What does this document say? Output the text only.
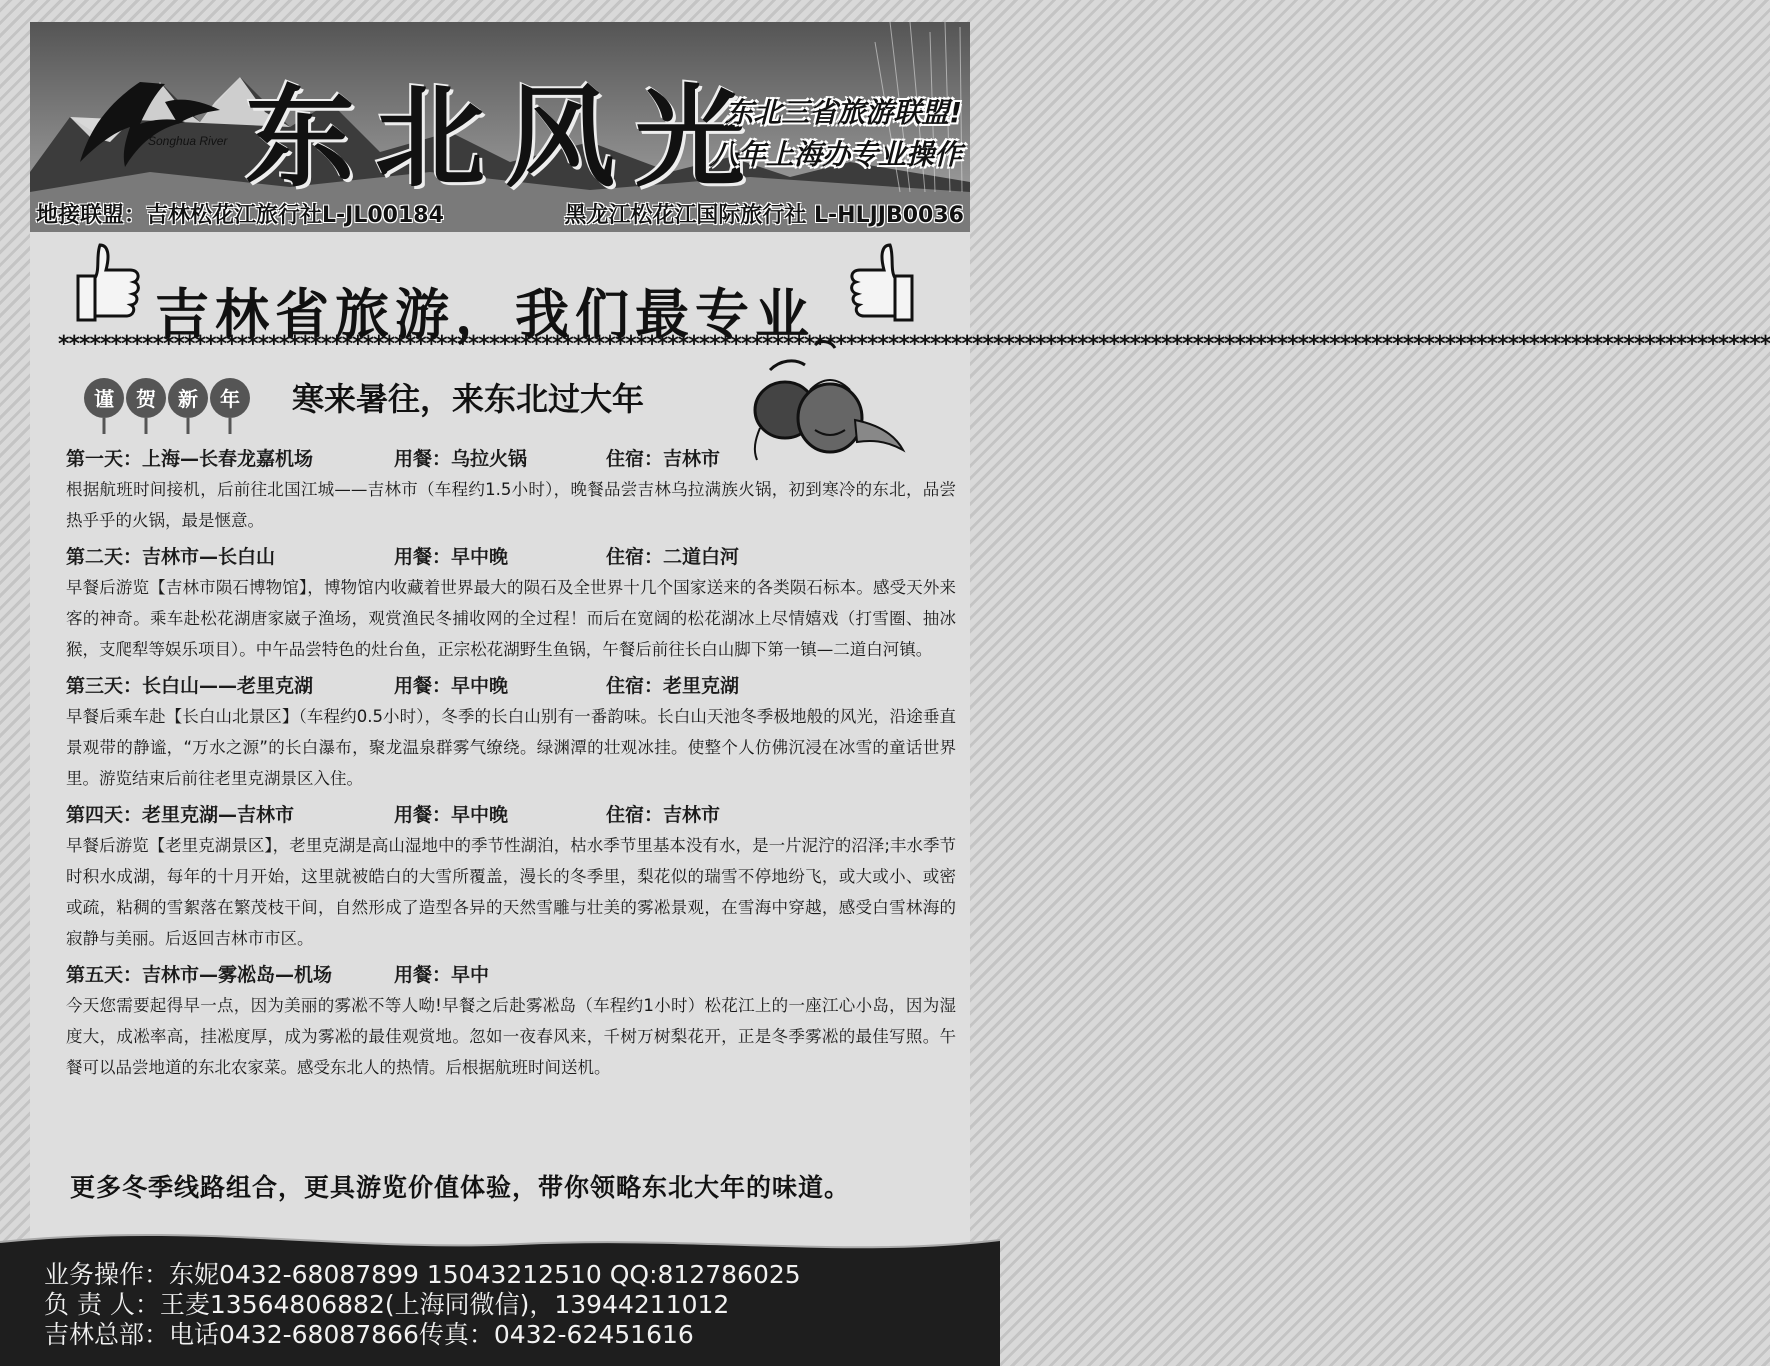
Songhua River 东北风光
东北三省旅游联盟!
八年上海办专业操作
地接联盟：吉林松花江旅行社L-JL00184	黑龙江松花江国际旅行社 L-HLJJB0036
吉林省旅游，我们最专业
*******************************************************************************************************************************************************************
谨 贺 新 年 寒来暑往，来东北过大年
第一天：上海—长春龙嘉机场	用餐：乌拉火锅	住宿：吉林市

根据航班时间接机，后前往北国江城——吉林市（车程约1.5小时），晚餐品尝吉林乌拉满族火锅，初到寒冷的东北，品尝热乎乎的火锅，最是惬意。

第二天：吉林市—长白山	用餐：早中晚	住宿：二道白河

早餐后游览【吉林市陨石博物馆】，博物馆内收藏着世界最大的陨石及全世界十几个国家送来的各类陨石标本。感受天外来客的神奇。乘车赴松花湖唐家崴子渔场，观赏渔民冬捕收网的全过程！而后在宽阔的松花湖冰上尽情嬉戏（打雪圈、抽冰猴，支爬犁等娱乐项目）。中午品尝特色的灶台鱼，正宗松花湖野生鱼锅，午餐后前往长白山脚下第一镇—二道白河镇。

第三天：长白山——老里克湖	用餐：早中晚	住宿：老里克湖

早餐后乘车赴【长白山北景区】（车程约0.5小时），冬季的长白山别有一番韵味。长白山天池冬季极地般的风光，沿途垂直景观带的静谧，“万水之源”的长白瀑布，聚龙温泉群雾气缭绕。绿渊潭的壮观冰挂。使整个人仿佛沉浸在冰雪的童话世界里。游览结束后前往老里克湖景区入住。

第四天：老里克湖—吉林市	用餐：早中晚	住宿：吉林市

早餐后游览【老里克湖景区】，老里克湖是高山湿地中的季节性湖泊，枯水季节里基本没有水，是一片泥泞的沼泽;丰水季节时积水成湖，每年的十月开始，这里就被皓白的大雪所覆盖，漫长的冬季里，梨花似的瑞雪不停地纷飞，或大或小、或密或疏，粘稠的雪絮落在繁茂枝干间，自然形成了造型各异的天然雪雕与壮美的雾凇景观，在雪海中穿越，感受白雪林海的寂静与美丽。后返回吉林市市区。

第五天：吉林市—雾凇岛—机场	用餐：早中

今天您需要起得早一点，因为美丽的雾凇不等人呦!早餐之后赴雾凇岛（车程约1小时）松花江上的一座江心小岛，因为湿度大，成凇率高，挂凇度厚，成为雾凇的最佳观赏地。忽如一夜春风来，千树万树梨花开，正是冬季雾凇的最佳写照。午餐可以品尝地道的东北农家菜。感受东北人的热情。后根据航班时间送机。

更多冬季线路组合，更具游览价值体验，带你领略东北大年的味道。
业务操作：东妮0432-68087899 15043212510 QQ:812786025
负 责 人：王麦13564806882(上海同微信)，13944211012
吉林总部：电话0432-68087866传真：0432-62451616
